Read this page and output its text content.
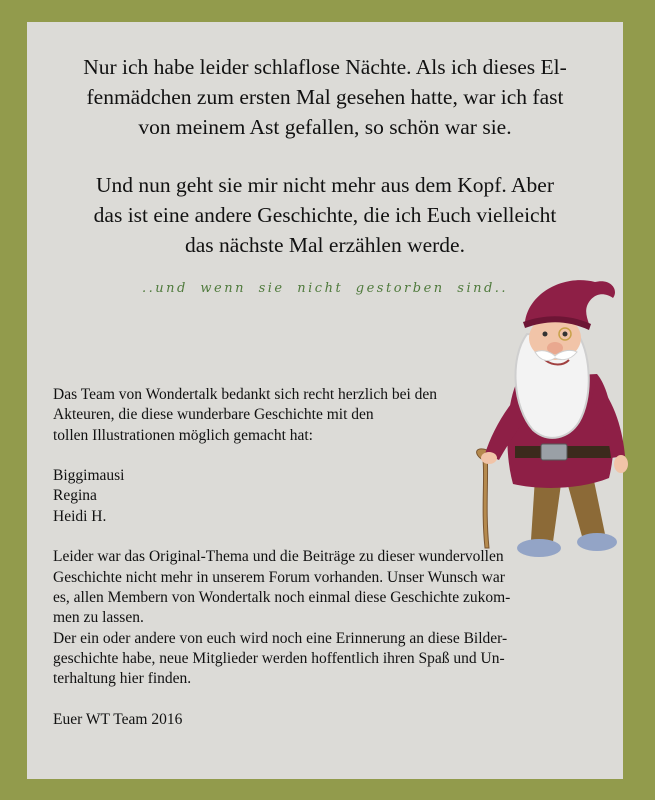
Nur ich habe leider schlaflose Nächte. Als ich dieses El-
fenmädchen zum ersten Mal gesehen hatte, war ich fast
von meinem Ast gefallen, so schön war sie.
Und nun geht sie mir nicht mehr aus dem Kopf. Aber
das ist eine andere Geschichte, die ich Euch vielleicht
das nächste Mal erzählen werde.
..und wenn sie nicht gestorben sind..
Das Team von Wondertalk bedankt sich recht herzlich bei den
Akteuren, die diese wunderbare Geschichte mit den
tollen Illustrationen möglich gemacht hat:
Biggimausi
Regina
Heidi H.
Leider war das Original-Thema und die Beiträge zu dieser wundervollen
Geschichte nicht mehr in unserem Forum vorhanden. Unser Wunsch war
es, allen Membern von Wondertalk noch einmal diese Geschichte zukom-
men zu lassen.
Der ein oder andere von euch wird noch eine Erinnerung an diese Bilder-
geschichte habe, neue Mitglieder werden hoffentlich ihren Spaß und Un-
terhaltung hier finden.
Euer WT Team 2016
